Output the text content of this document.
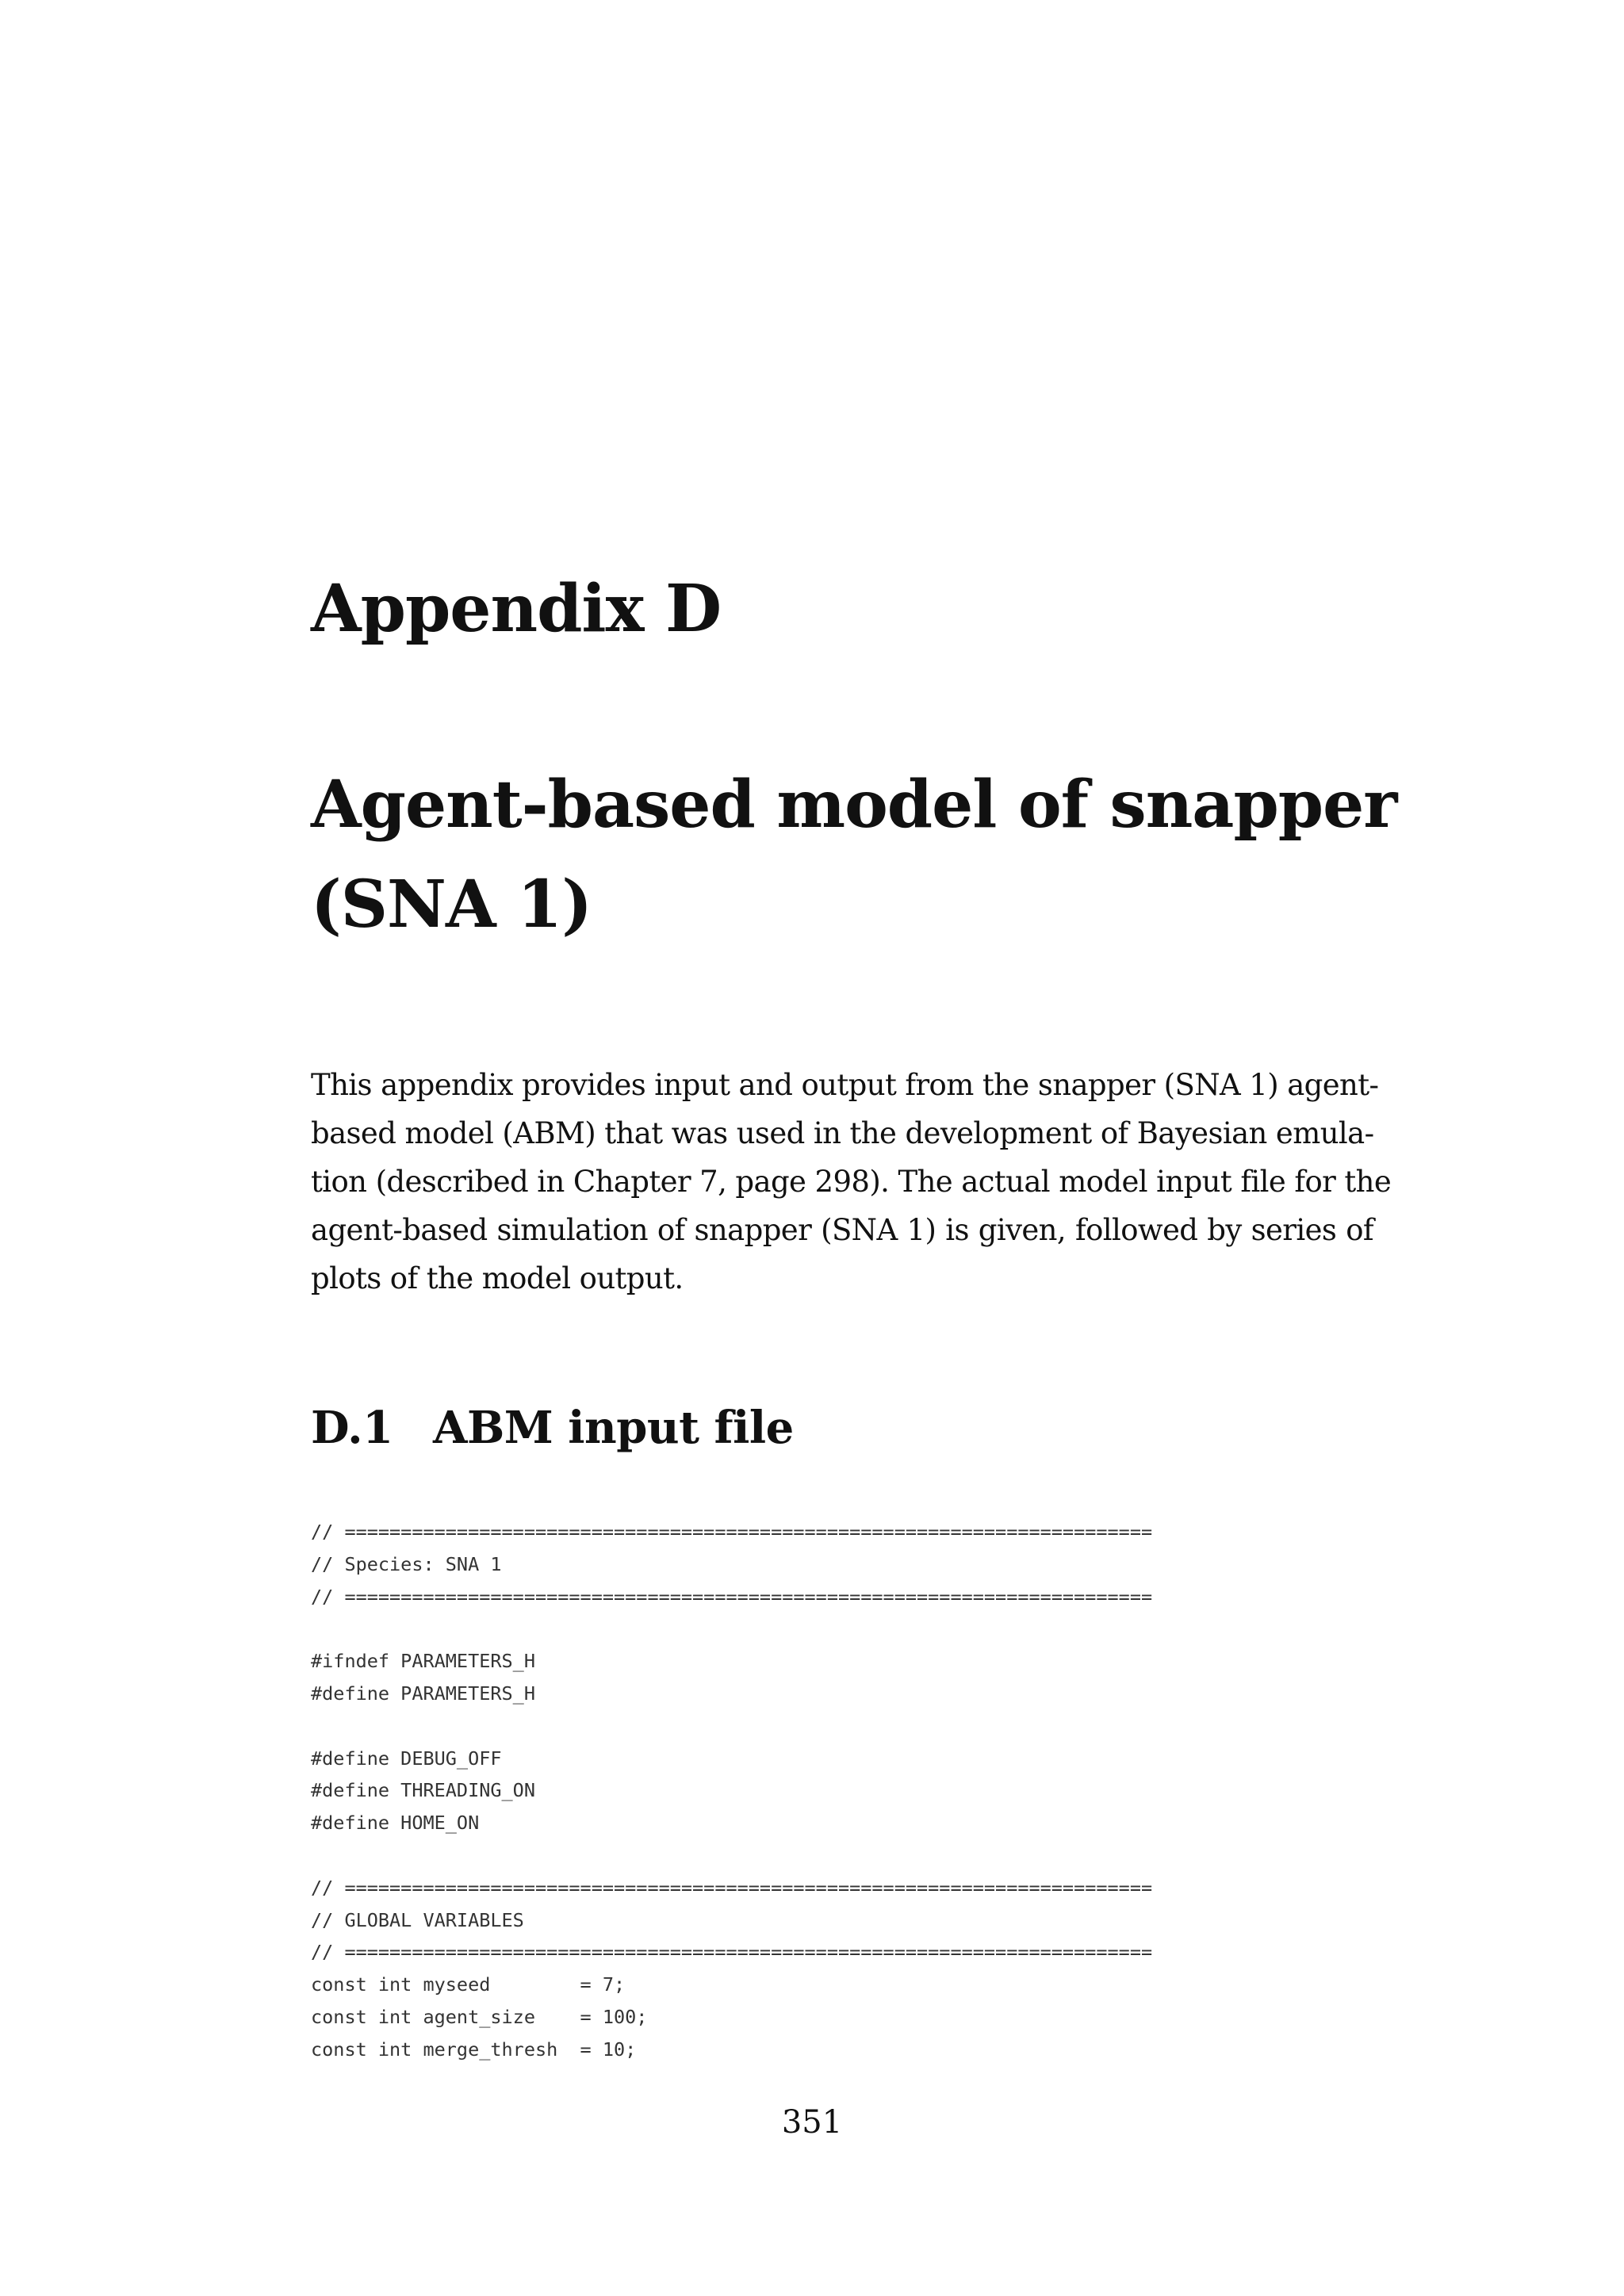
Appendix D
Agent-based model of snapper
(SNA 1)
This appendix provides input and output from the snapper (SNA 1) agent-
based model (ABM) that was used in the development of Bayesian emula-
tion (described in Chapter 7, page 298). The actual model input file for the
agent-based simulation of snapper (SNA 1) is given, followed by series of
plots of the model output.
D.1 ABM input file
// ========================================================================
// Species: SNA 1
// ========================================================================
#ifndef PARAMETERS_H
#define PARAMETERS_H
#define DEBUG_OFF
#define THREADING_ON
#define HOME_ON
// ========================================================================
// GLOBAL VARIABLES
// ========================================================================
const int myseed        = 7;
const int agent_size    = 100;
const int merge_thresh  = 10;
351
